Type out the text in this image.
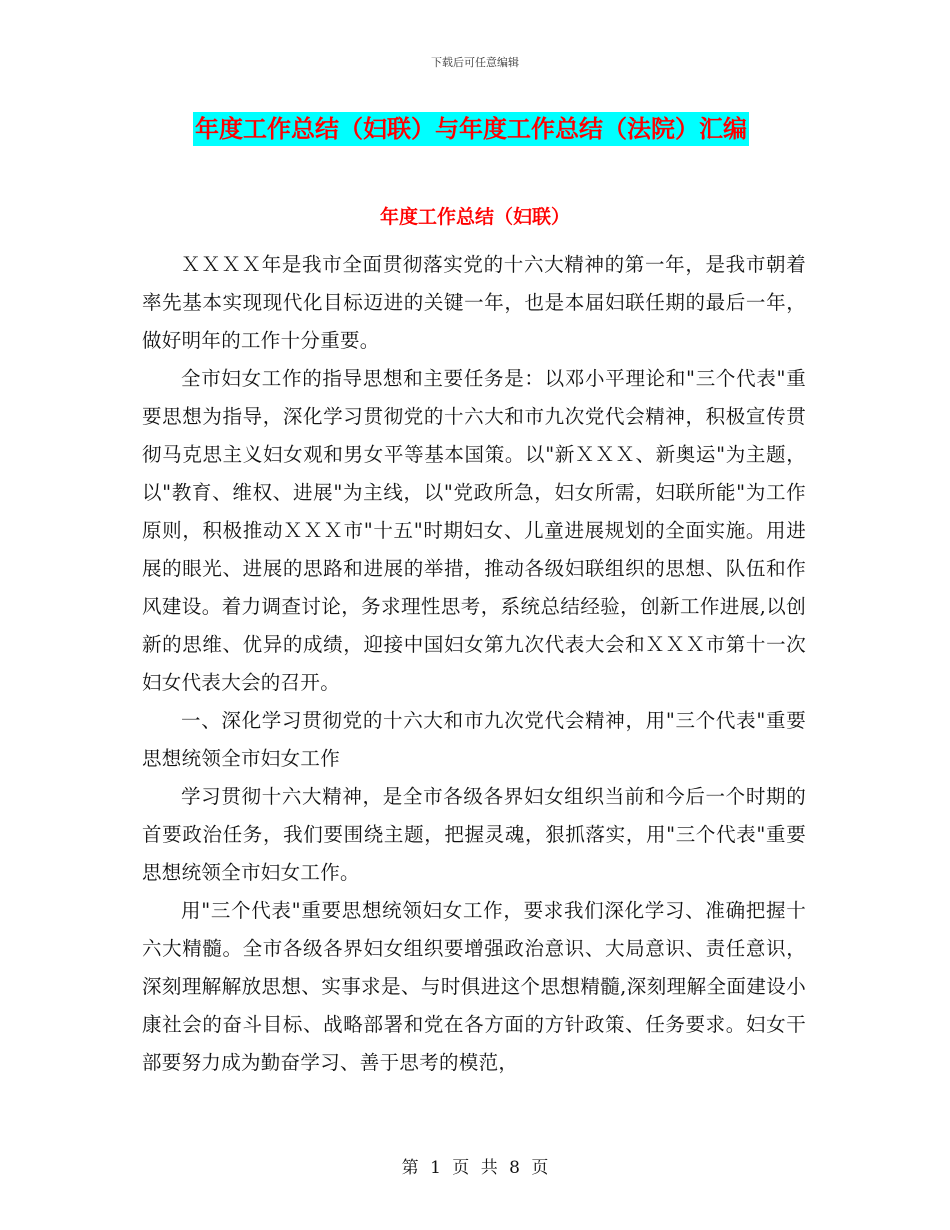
下载后可任意编辑
年度工作总结（妇联）与年度工作总结（法院）汇编
年度工作总结（妇联）

ＸＸＸＸ年是我市全面贯彻落实党的十六大精神的第一年，是我市朝着率先基本实现现代化目标迈进的关键一年，也是本届妇联任期的最后一年，做好明年的工作十分重要。

全市妇女工作的指导思想和主要任务是：以邓小平理论和"三个代表"重要思想为指导，深化学习贯彻党的十六大和市九次党代会精神，积极宣传贯彻马克思主义妇女观和男女平等基本国策。以"新ＸＸＸ、新奥运"为主题，以"教育、维权、进展"为主线，以"党政所急，妇女所需，妇联所能"为工作原则，积极推动ＸＸＸ市"十五"时期妇女、儿童进展规划的全面实施。用进展的眼光、进展的思路和进展的举措，推动各级妇联组织的思想、队伍和作风建设。着力调查讨论，务求理性思考，系统总结经验，创新工作进展,以创新的思维、优异的成绩，迎接中国妇女第九次代表大会和ＸＸＸ市第十一次妇女代表大会的召开。

一、深化学习贯彻党的十六大和市九次党代会精神，用"三个代表"重要思想统领全市妇女工作

学习贯彻十六大精神，是全市各级各界妇女组织当前和今后一个时期的首要政治任务，我们要围绕主题，把握灵魂，狠抓落实，用"三个代表"重要思想统领全市妇女工作。

用"三个代表"重要思想统领妇女工作，要求我们深化学习、准确把握十六大精髓。全市各级各界妇女组织要增强政治意识、大局意识、责任意识，深刻理解解放思想、实事求是、与时俱进这个思想精髓,深刻理解全面建设小康社会的奋斗目标、战略部署和党在各方面的方针政策、任务要求。妇女干部要努力成为勤奋学习、善于思考的模范，

第 1 页 共 8 页
